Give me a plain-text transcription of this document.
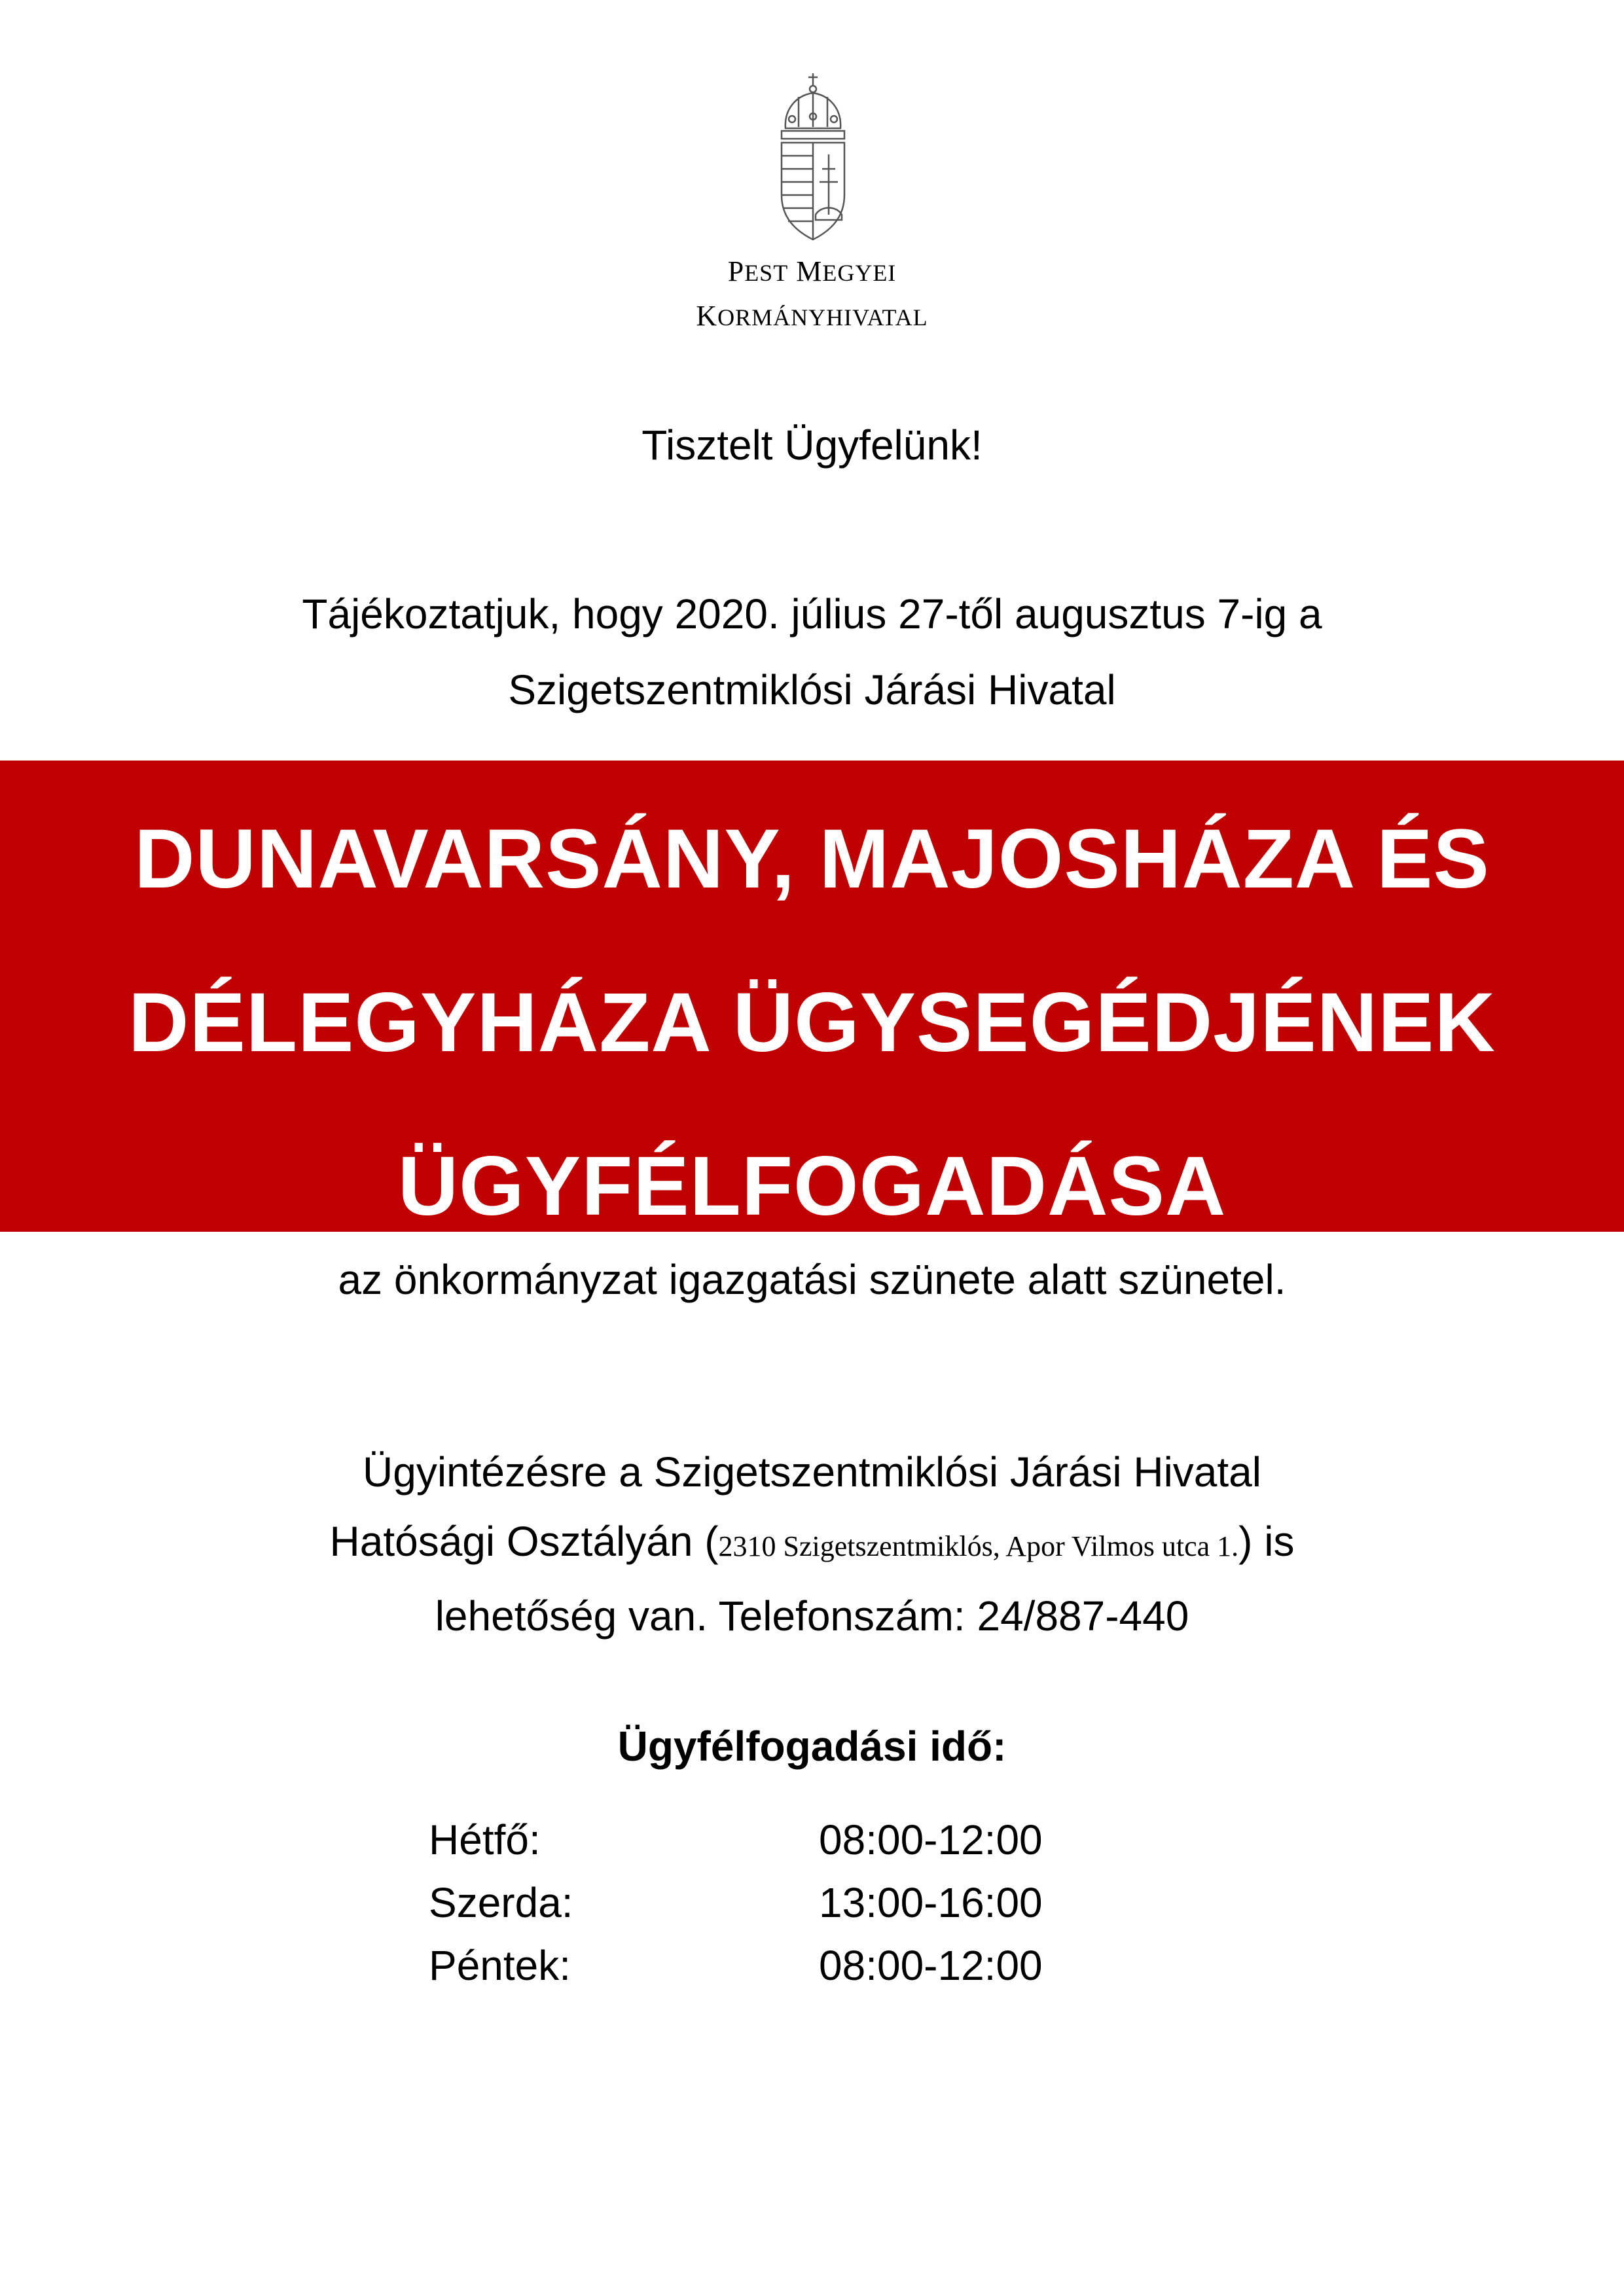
PEST MEGYEI
KORMÁNYHIVATAL
Tisztelt Ügyfelünk!
Tájékoztatjuk, hogy 2020. július 27-től augusztus 7-ig a
Szigetszentmiklósi Járási Hivatal
DUNAVARSÁNY, MAJOSHÁZA ÉS
DÉLEGYHÁZA ÜGYSEGÉDJÉNEK
ÜGYFÉLFOGADÁSA
az önkormányzat igazgatási szünete alatt szünetel.
Ügyintézésre a Szigetszentmiklósi Járási Hivatal
Hatósági Osztályán (2310 Szigetszentmiklós, Apor Vilmos utca 1.) is
lehetőség van. Telefonszám: 24/887-440
Ügyfélfogadási idő:
Hétfő:	08:00-12:00
Szerda:	13:00-16:00
Péntek:	08:00-12:00
